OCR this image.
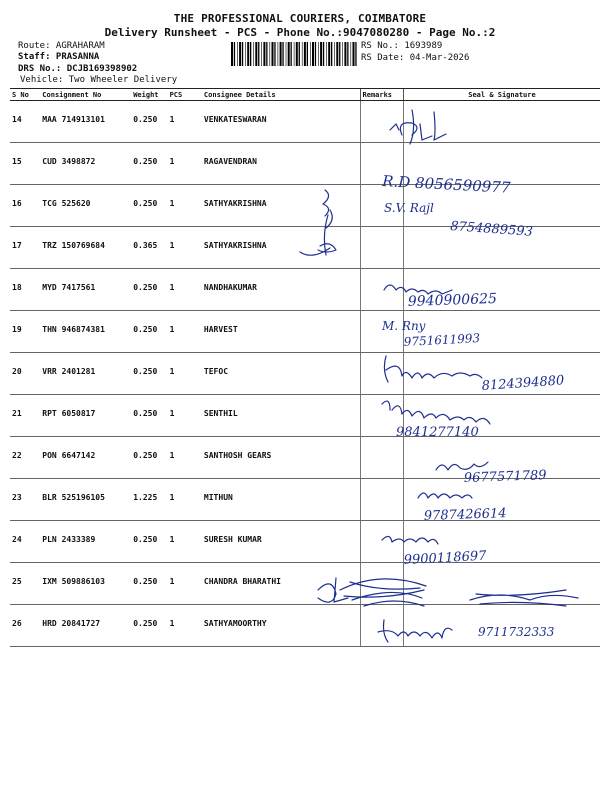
THE PROFESSIONAL COURIERS, COIMBATORE
Delivery Runsheet - PCS - Phone No.:9047080280 - Page No.:2
Route: AGRAHARAM
Staff: PRASANNA
DRS No.: DCJB169398902
Vehicle: Two Wheeler Delivery
RS No.: 1693989
RS Date: 04-Mar-2026
S No	Consignment No	Weight	PCS	Consignee Details	Remarks	Seal & Signature
14	MAA 714913101	0.250	1	VENKATESWARAN		
15	CUD 3498872	0.250	1	RAGAVENDRAN		
16	TCG 525620	0.250	1	SATHYAKRISHNA		
17	TRZ 150769684	0.365	1	SATHYAKRISHNA		
18	MYD 7417561	0.250	1	NANDHAKUMAR		
19	THN 946874381	0.250	1	HARVEST		
20	VRR 2401281	0.250	1	TEFOC		
21	RPT 6050817	0.250	1	SENTHIL		
22	PON 6647142	0.250	1	SANTHOSH GEARS		
23	BLR 525196105	1.225	1	MITHUN		
24	PLN 2433389	0.250	1	SURESH KUMAR		
25	IXM 509886103	0.250	1	CHANDRA BHARATHI		
26	HRD 20841727	0.250	1	SATHYAMOORTHY		
R.D 8056590977
S.V. Rajl
8754889593
9940900625
M. Rny
9751611993
8124394880
9841277140
9677571789
9787426614
9900118697
9711732333
